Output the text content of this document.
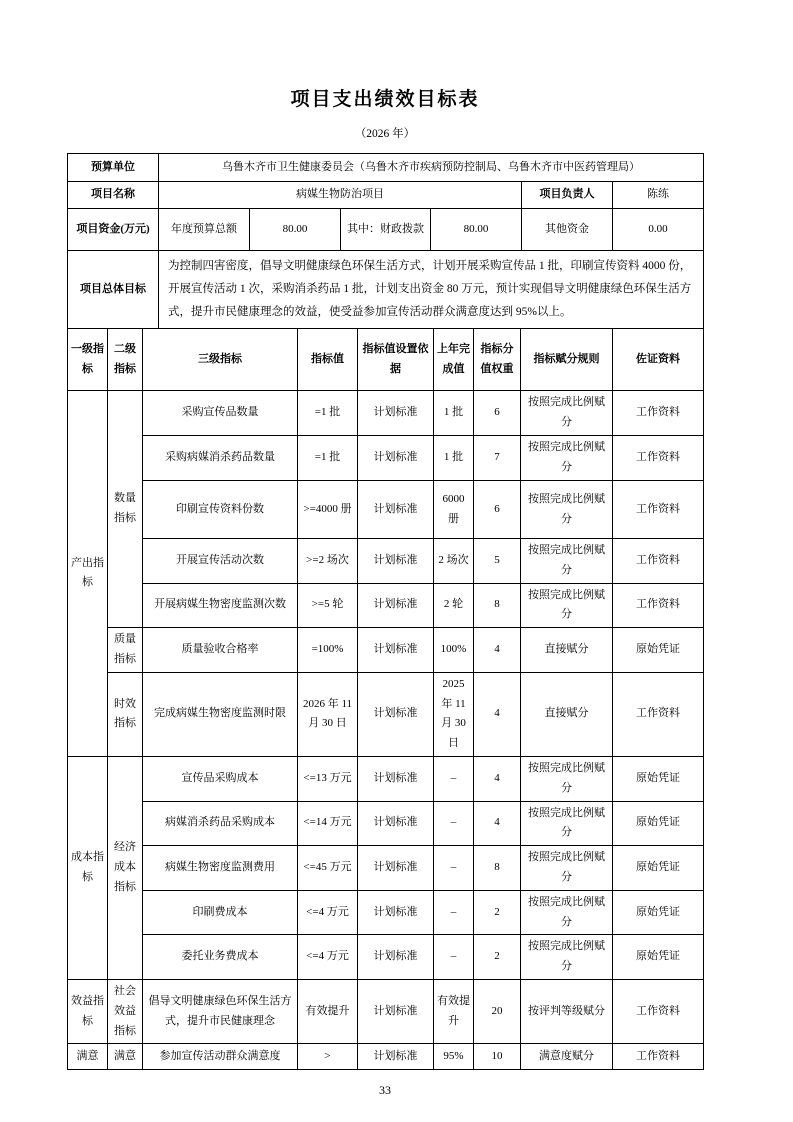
项目支出绩效目标表
（2026 年）
预算单位	乌鲁木齐市卫生健康委员会（乌鲁木齐市疾病预防控制局、乌鲁木齐市中医药管理局）					
项目名称	病媒生物防治项目				项目负责人	陈练
项目资金(万元)	年度预算总额	80.00	其中：财政拨款	80.00	其他资金	0.00
项目总体目标	为控制四害密度，倡导文明健康绿色环保生活方式，计划开展采购宣传品 1 批，印刷宣传资料 4000 份，开展宣传活动 1 次，采购消杀药品 1 批，计划支出资金 80 万元，预计实现倡导文明健康绿色环保生活方式，提升市民健康理念的效益，使受益参加宣传活动群众满意度达到 95%以上。					
一级指标	二级指标	三级指标	指标值	指标值设置依据	上年完成值	指标分值权重	指标赋分规则	佐证资料
产出指标	数量指标	采购宣传品数量	=1 批	计划标准	1 批	6	按照完成比例赋分	工作资料
		采购病媒消杀药品数量	=1 批	计划标准	1 批	7	按照完成比例赋分	工作资料
		印刷宣传资料份数	>=4000 册	计划标准	6000 册	6	按照完成比例赋分	工作资料
		开展宣传活动次数	>=2 场次	计划标准	2 场次	5	按照完成比例赋分	工作资料
		开展病媒生物密度监测次数	>=5 轮	计划标准	2 轮	8	按照完成比例赋分	工作资料
	质量指标	质量验收合格率	=100%	计划标准	100%	4	直接赋分	原始凭证
	时效指标	完成病媒生物密度监测时限	2026 年 11 月 30 日	计划标准	2025 年 11 月 30 日	4	直接赋分	工作资料
成本指标	经济成本指标	宣传品采购成本	<=13 万元	计划标准	–	4	按照完成比例赋分	原始凭证
		病媒消杀药品采购成本	<=14 万元	计划标准	–	4	按照完成比例赋分	原始凭证
		病媒生物密度监测费用	<=45 万元	计划标准	–	8	按照完成比例赋分	原始凭证
		印刷费成本	<=4 万元	计划标准	–	2	按照完成比例赋分	原始凭证
		委托业务费成本	<=4 万元	计划标准	–	2	按照完成比例赋分	原始凭证
效益指标	社会效益指标	倡导文明健康绿色环保生活方式，提升市民健康理念	有效提升	计划标准	有效提升	20	按评判等级赋分	工作资料
满意	满意	参加宣传活动群众满意度	>	计划标准	95%	10	满意度赋分	工作资料
33
